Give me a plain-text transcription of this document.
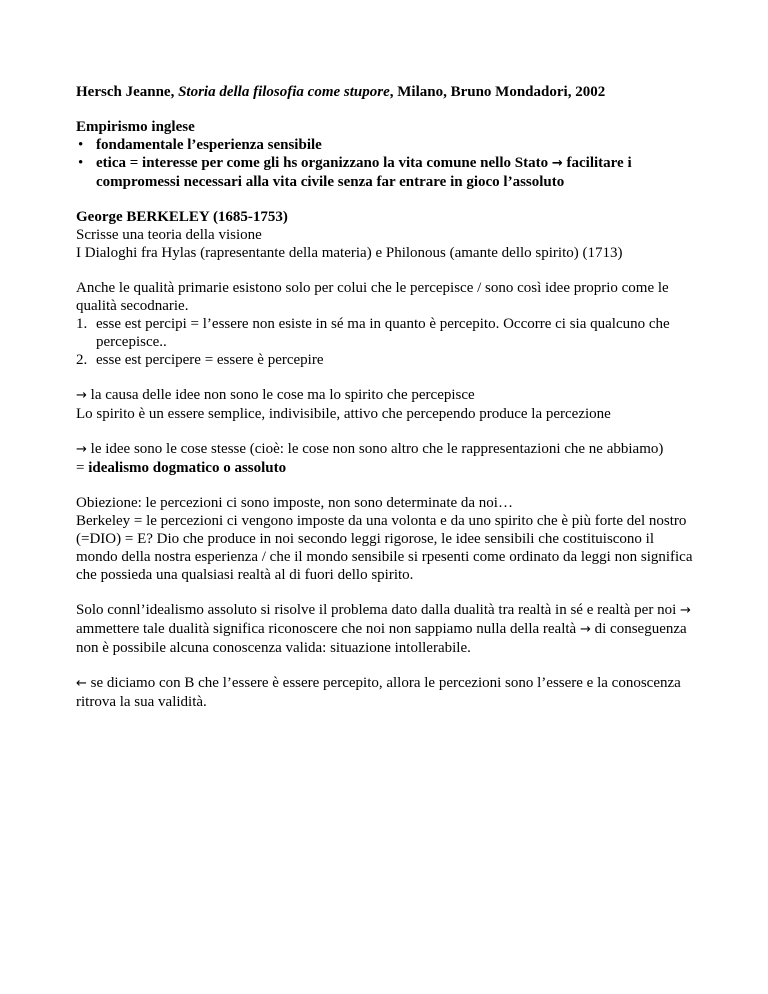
Hersch Jeanne, Storia della filosofia come stupore, Milano, Bruno Mondadori, 2002

Empirismo inglese

• fondamentale l’esperienza sensibile
• etica = interesse per come gli hs organizzano la vita comune nello Stato → facilitare i compromessi necessari alla vita civile senza far entrare in gioco l’assoluto

George BERKELEY (1685-1753)

Scrisse una teoria della visione

I Dialoghi fra Hylas (rapresentante della materia) e Philonous (amante dello spirito) (1713)

Anche le qualità primarie esistono solo per colui che le percepisce / sono così idee proprio come le qualità secodnarie.

1. esse est percipi = l’essere non esiste in sé ma in quanto è percepito. Occorre ci sia qualcuno che percepisce..
2. esse est percipere = essere è percepire

→ la causa delle idee non sono le cose ma lo spirito che percepisce

Lo spirito è un essere semplice, indivisibile, attivo che percependo produce la percezione

→ le idee sono le cose stesse (cioè: le cose non sono altro che le rappresentazioni che ne abbiamo)

= idealismo dogmatico o assoluto

Obiezione: le percezioni ci sono imposte, non sono determinate da noi…

Berkeley = le percezioni ci vengono imposte da una volonta e da uno spirito che è più forte del nostro (=DIO) = E? Dio che produce in noi secondo leggi rigorose, le idee sensibili che costituiscono il mondo della nostra esperienza / che il mondo sensibile si rpesenti come ordinato da leggi non significa che possieda una qualsiasi realtà al di fuori dello spirito.

Solo connl’idealismo assoluto si risolve il problema dato dalla dualità tra realtà in sé e realtà per noi → ammettere tale dualità significa riconoscere che noi non sappiamo nulla della realtà → di conseguenza non è possibile alcuna conoscenza valida: situazione intollerabile.

← se diciamo con B che l’essere è essere percepito, allora le percezioni sono l’essere e la conoscenza ritrova la sua validità.
